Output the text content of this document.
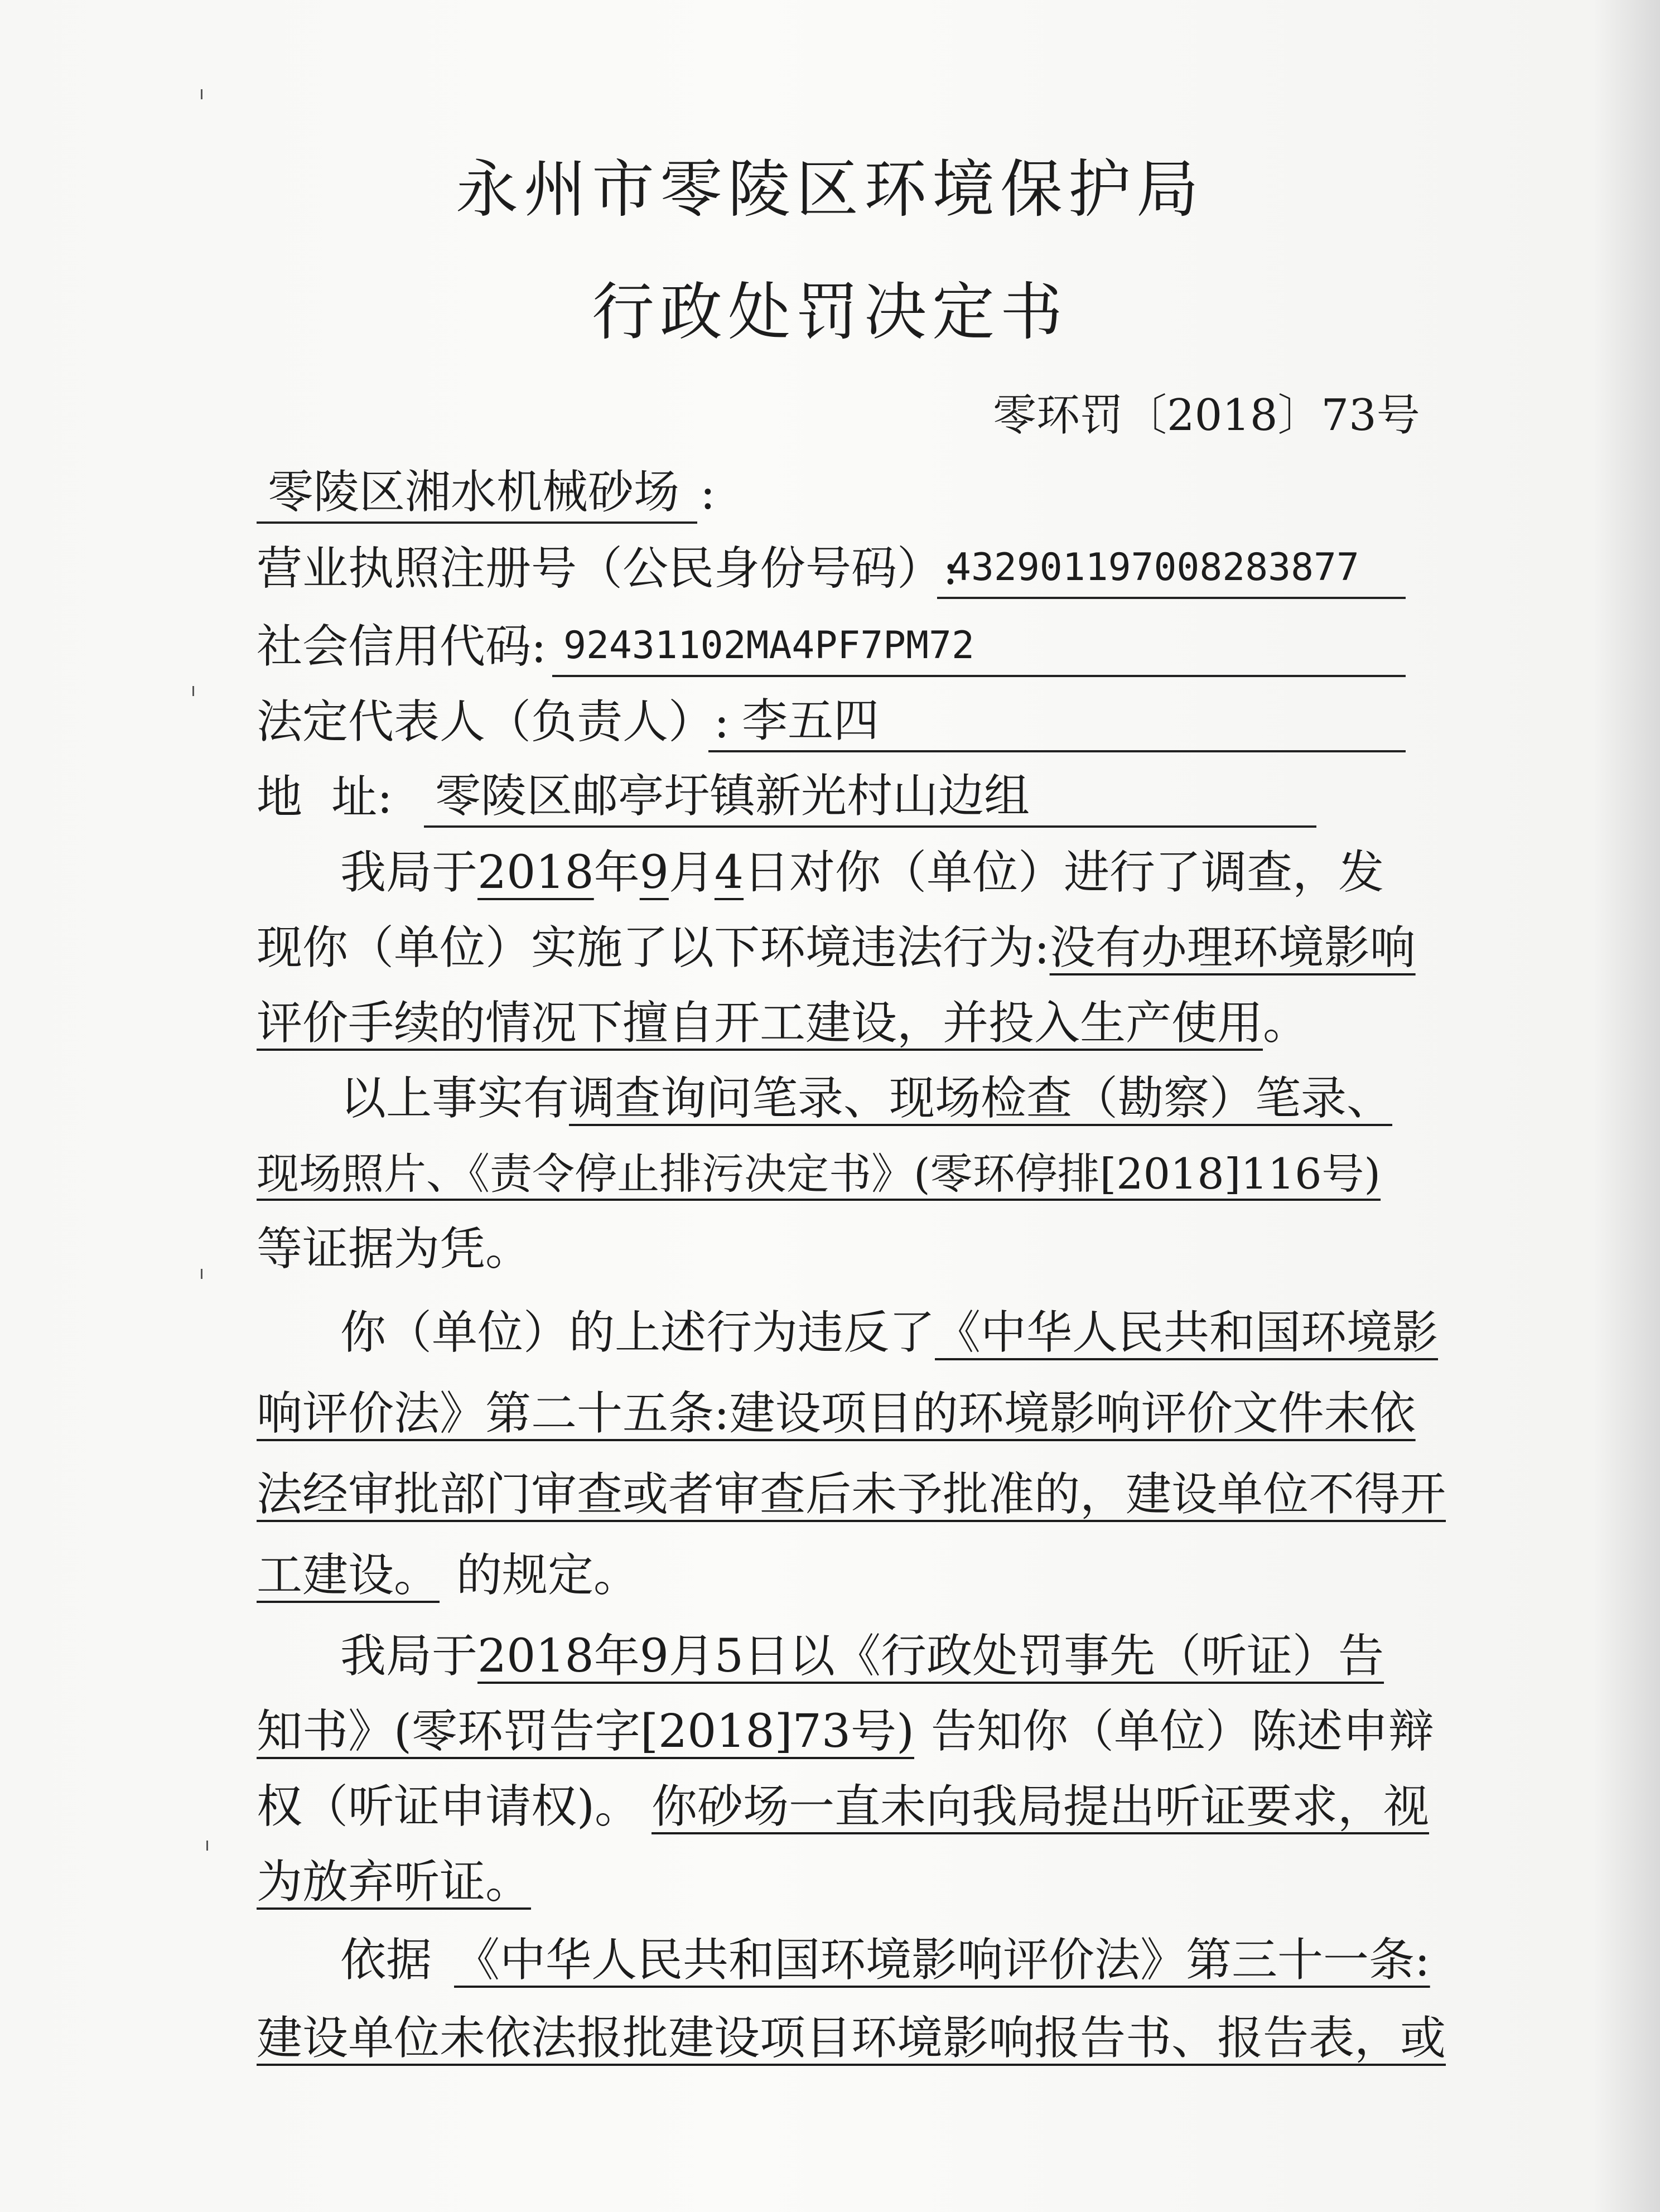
永州市零陵区环境保护局
行政处罚决定书
零环罚〔2018〕73号
零陵区湘水机械砂场 :
营业执照注册号（公民身份号码）:
432901197008283877
社会信用代码: 92431102MA4PF7PM72
法定代表人（负责人）: 李五四
地  址: 零陵区邮亭圩镇新光村山边组
我局于2018年9月4日对你（单位）进行了调查，发
现你（单位）实施了以下环境违法行为:没有办理环境影响
评价手续的情况下擅自开工建设，并投入生产使用。
以上事实有调查询问笔录、现场检查（勘察）笔录、
现场照片、《责令停止排污决定书》(零环停排[2018]116号)
等证据为凭。
你（单位）的上述行为违反了《中华人民共和国环境影
响评价法》第二十五条:建设项目的环境影响评价文件未依
法经审批部门审查或者审查后未予批准的，建设单位不得开
工建设。 的规定。
我局于2018年9月5日以《行政处罚事先（听证）告
知书》(零环罚告字[2018]73号) 告知你（单位）陈述申辩
权（听证申请权)。 你砂场一直未向我局提出听证要求，视
为放弃听证。
依据 《中华人民共和国环境影响评价法》第三十一条:
建设单位未依法报批建设项目环境影响报告书、报告表，或
